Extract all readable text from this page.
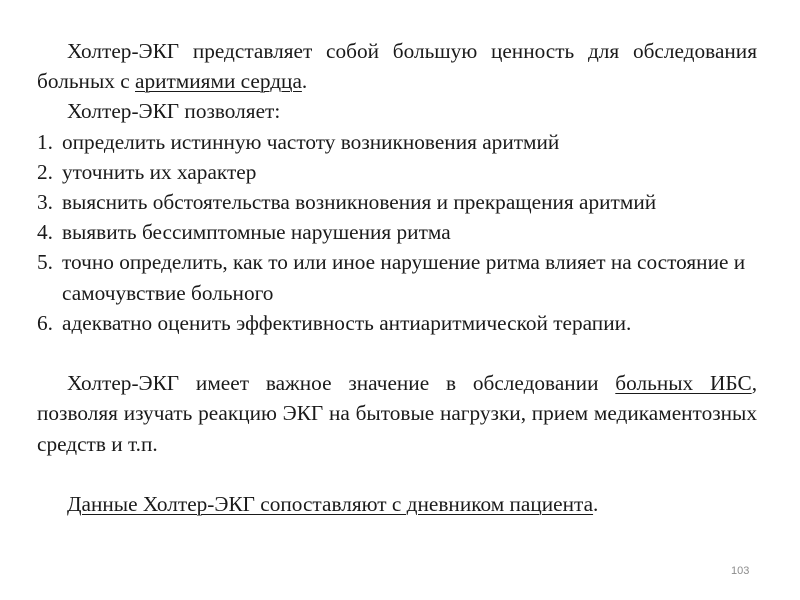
Холтер-ЭКГ представляет собой большую ценность для обследования больных с аритмиями сердца.

Холтер-ЭКГ позволяет:

1. определить истинную частоту возникновения аритмий
2. уточнить их характер
3. выяснить обстоятельства возникновения и прекращения аритмий
4. выявить бессимптомные нарушения ритма
5. точно определить, как то или иное нарушение ритма влияет на состояние и самочувствие больного
6. адекватно оценить эффективность антиаритмической терапии.

Холтер-ЭКГ имеет важное значение в обследовании больных ИБС, позволяя изучать реакцию ЭКГ на бытовые нагрузки, прием медикаментозных средств и т.п.

Данные Холтер-ЭКГ сопоставляют с дневником пациента.

103
